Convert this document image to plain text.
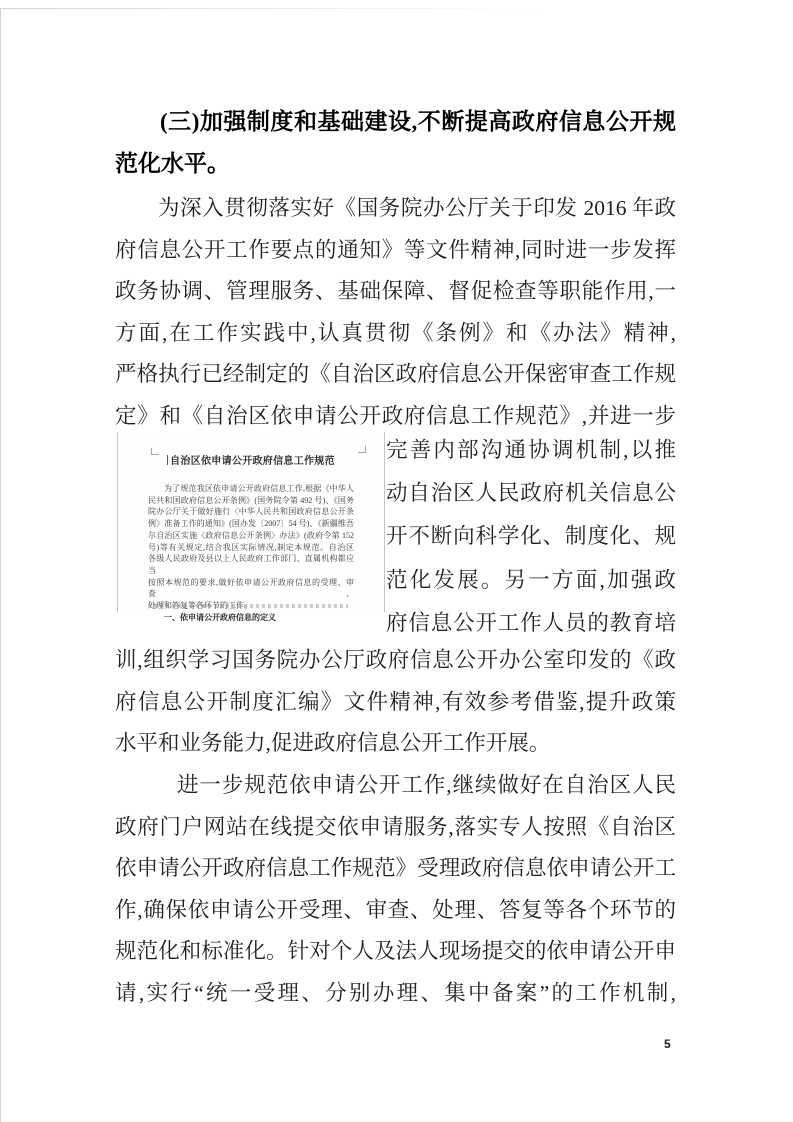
(三)加强制度和基础建设,不断提高政府信息公开规
范化水平。
为深入贯彻落实好《国务院办公厅关于印发 2016 年政
府信息公开工作要点的通知》等文件精神,同时进一步发挥
政务协调、管理服务、基础保障、督促检查等职能作用,一
方面,在工作实践中,认真贯彻《条例》和《办法》精神,
严格执行已经制定的《自治区政府信息公开保密审查工作规
定》和《自治区依申请公开政府信息工作规范》,并进一步
自治区依申请公开政府信息工作规范
为了规范我区依申请公开政府信息工作,根据《中华人
民共和国政府信息公开条例》(国务院令第 492 号)、《国务
院办公厅关于做好施行〈中华人民共和国政府信息公开条
例〉准备工作的通知》(国办发〔2007〕54 号)、《新疆维吾
尔自治区实施〈政府信息公开条例〉办法》(政府令第 152
号)等有关规定,结合我区实际情况,制定本规范。自治区
各级人民政府及县以上人民政府工作部门、直属机构都应当
按照本规范的要求,做好依申请公开政府信息的受理、审查、
处理和答复等各环节的工作。
一、依申请公开政府信息的定义
完善内部沟通协调机制,以推
动自治区人民政府机关信息公
开不断向科学化、制度化、规
范化发展。另一方面,加强政
府信息公开工作人员的教育培
训,组织学习国务院办公厅政府信息公开办公室印发的《政
府信息公开制度汇编》文件精神,有效参考借鉴,提升政策
水平和业务能力,促进政府信息公开工作开展。
进一步规范依申请公开工作,继续做好在自治区人民
政府门户网站在线提交依申请服务,落实专人按照《自治区
依申请公开政府信息工作规范》受理政府信息依申请公开工
作,确保依申请公开受理、审查、处理、答复等各个环节的
规范化和标准化。针对个人及法人现场提交的依申请公开申
请,实行“统一受理、分别办理、集中备案”的工作机制,
5
